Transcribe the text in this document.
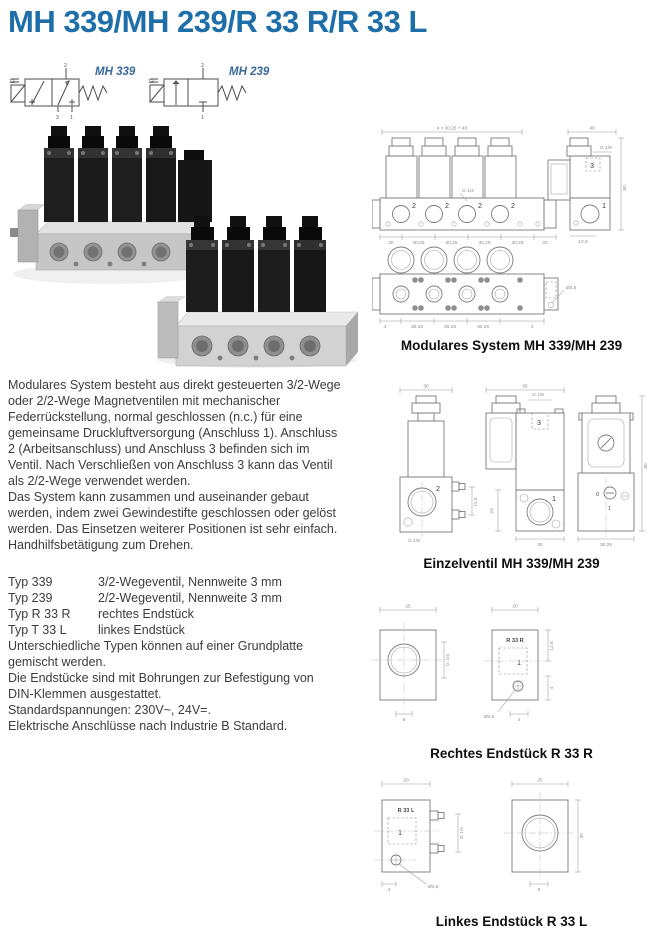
MH 339/MH 239/R 33 R/R 33 L
12
2
3 1
MH 339
12
2
1
MH 239

Modulares System besteht aus direkt gesteuerten 3/2-Wege oder 2/2-Wege Magnetventilen mit mechanischer Federrückstellung, normal geschlossen (n.c.) für eine gemeinsame Druckluftversorgung (Anschluss 1). Anschluss 2 (Arbeitsanschluss) und Anschluss 3 befinden sich im Ventil. Nach Verschließen von Anschluss 3 kann das Ventil als 2/2-Wege verwendet werden.

Das System kann zusammen und auseinander gebaut werden, indem zwei Gewindestifte geschlossen oder gelöst werden. Das Einsetzen weiterer Positionen ist sehr einfach. Handhilfsbetätigung zum Drehen.

Typ 339	3/2-Wegeventil, Nennweite 3 mm
Typ 239	2/2-Wegeventil, Nennweite 3 mm
Typ R 33 R	rechtes Endstück
Typ T 33 L	linkes Endstück

Unterschiedliche Typen können auf einer Grundplatte gemischt werden.

Die Endstücke sind mit Bohrungen zur Befestigung von DIN-Klemmen ausgestattet.

Standardspannungen: 230V~, 24V=.

Elektrische Anschlüsse nach Industrie B Standard.

4 x 30,25 + 40
2	2	2	2
G 1/4
20	30,25	30,25	30,25	30,25	20
40
3
G 1/8
1
80
12,5
Ø4,5
30,25	30,25	30,25
4	4
Modulares System MH 339/MH 239
30
2
G 1/8
12,5
65
G 1/8
3
1
23
30
0
1
80
30,25
Einzelventil MH 339/MH 239
25
G 1/4
8
20
R 33 R
1
Ø4,5
12,5
4
4
Rechtes Endstück R 33 R
20
R 33 L
1
Ø4,5
4
G 1/4
25
30
8
Linkes Endstück R 33 L
